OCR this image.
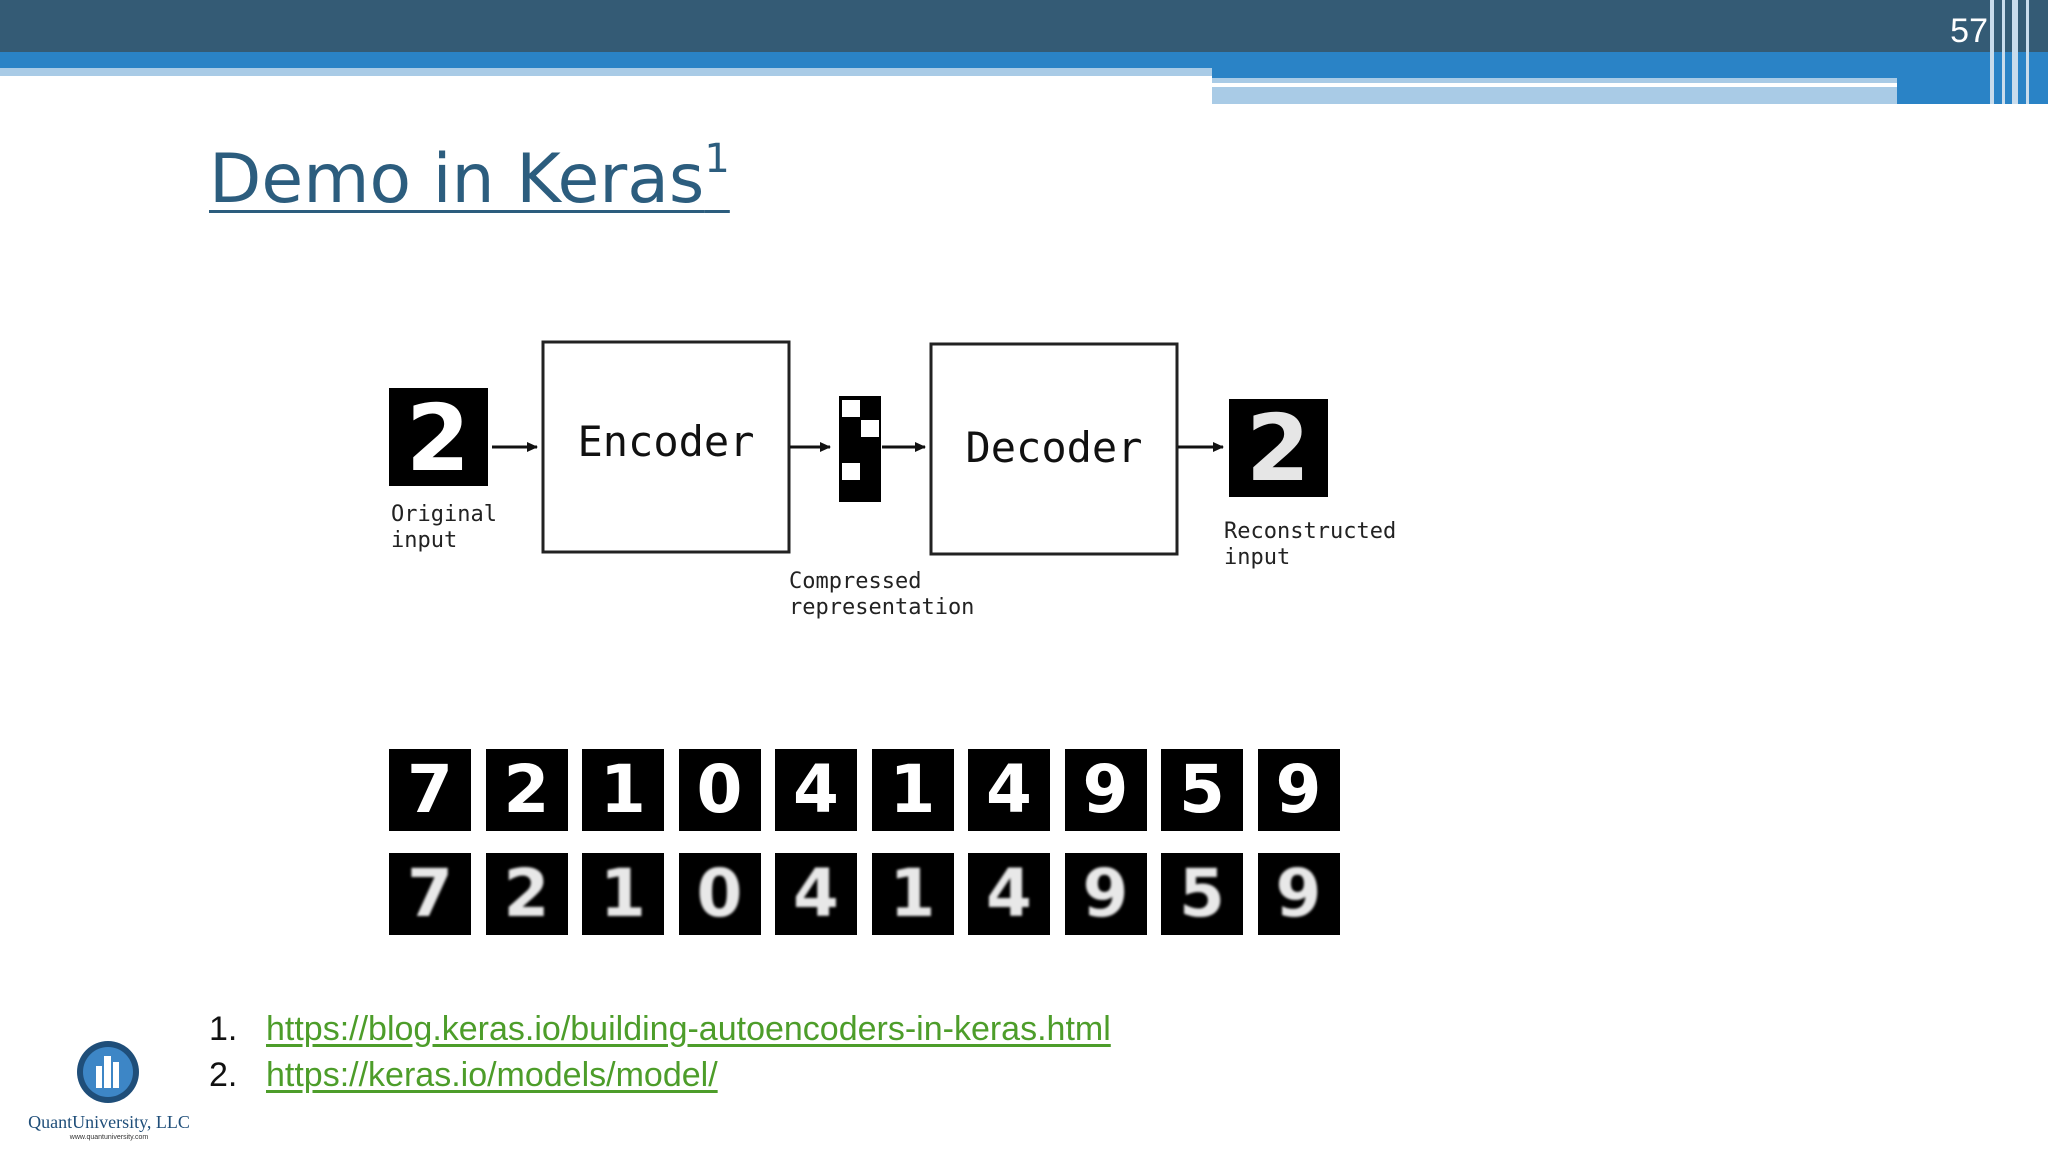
57
Demo in Keras$^1$
2	Encoder	Decoder 2
Original
input
Compressed
representation
Reconstructed
input
7 2 1 0 4 1 4 9 5 9
7 2 1 0 4 1 4 9 5 9
1. https://blog.keras.io/building-autoencoders-in-keras.html
2. https://keras.io/models/model/
QuantUniversity, LLC
www.quantuniversity.com
